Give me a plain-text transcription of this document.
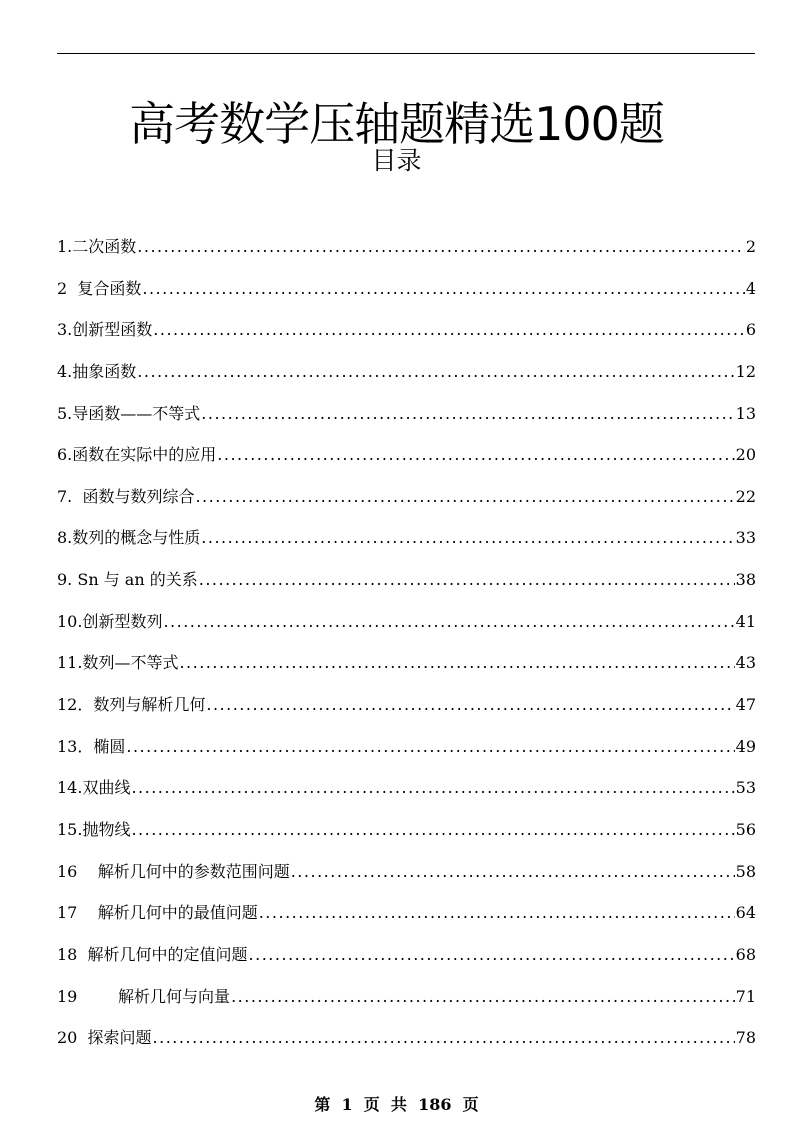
高考数学压轴题精选100题
目录
1.二次函数 .....	2
2  复合函数 .....	4
3.创新型函数 .....	6
4.抽象函数 .....	12
5.导函数——不等式 .....	13
6.函数在实际中的应用 .....	20
7.  函数与数列综合 .....	22
8.数列的概念与性质 .....	33
9. Sn 与 an 的关系 .....	38
10.创新型数列 .....	41
11.数列—不等式 .....	43
12．数列与解析几何 .....	47
13．椭圆 .....	49
14.双曲线 .....	53
15.抛物线 .....	56
16    解析几何中的参数范围问题 .....	58
17    解析几何中的最值问题 .....	64
18  解析几何中的定值问题 .....	68
19        解析几何与向量 .....	71
20  探索问题 .....	78
第  1  页  共  186  页
